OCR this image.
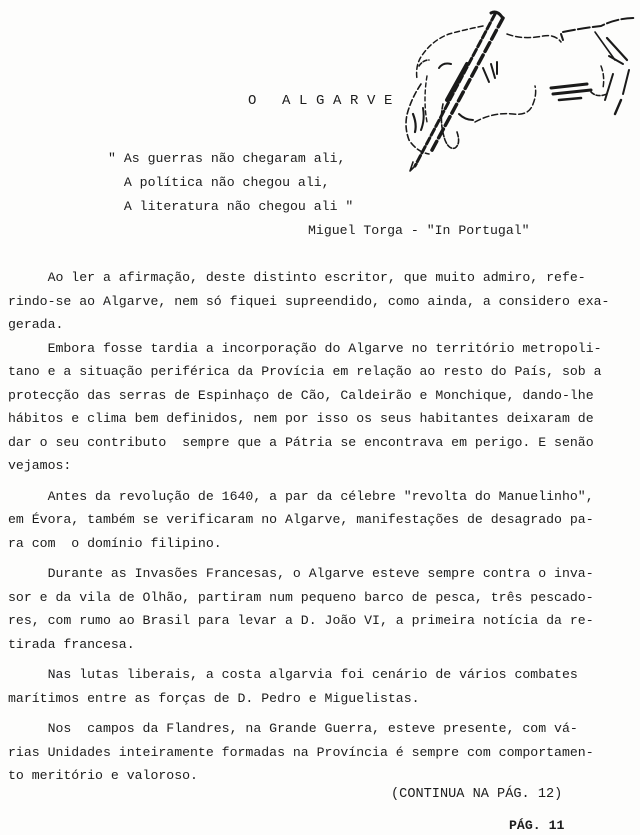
O ALGARVE
" As guerras não chegaram ali,
A política não chegou ali,
A literatura não chegou ali "
Miguel Torga - "In Portugal"
Ao ler a afirmação, deste distinto escritor, que muito admiro, refe-
rindo-se ao Algarve, nem só fiquei supreendido, como ainda, a considero exa-
gerada.
Embora fosse tardia a incorporação do Algarve no território metropoli-
tano e a situação periférica da Provícia em relação ao resto do País, sob a
protecção das serras de Espinhaço de Cão, Caldeirão e Monchique, dando-lhe
hábitos e clima bem definidos, nem por isso os seus habitantes deixaram de
dar o seu contributo  sempre que a Pátria se encontrava em perigo. E senão
vejamos:
Antes da revolução de 1640, a par da célebre "revolta do Manuelinho",
em Évora, também se verificaram no Algarve, manifestações de desagrado pa-
ra com  o domínio filipino.
Durante as Invasões Francesas, o Algarve esteve sempre contra o inva-
sor e da vila de Olhão, partiram num pequeno barco de pesca, três pescado-
res, com rumo ao Brasil para levar a D. João VI, a primeira notícia da re-
tirada francesa.
Nas lutas liberais, a costa algarvia foi cenário de vários combates
marítimos entre as forças de D. Pedro e Miguelistas.
Nos  campos da Flandres, na Grande Guerra, esteve presente, com vá-
rias Unidades inteiramente formadas na Província é sempre com comportamen-
to meritório e valoroso.
(CONTINUA NA PÁG. 12)
PÁG. 11
